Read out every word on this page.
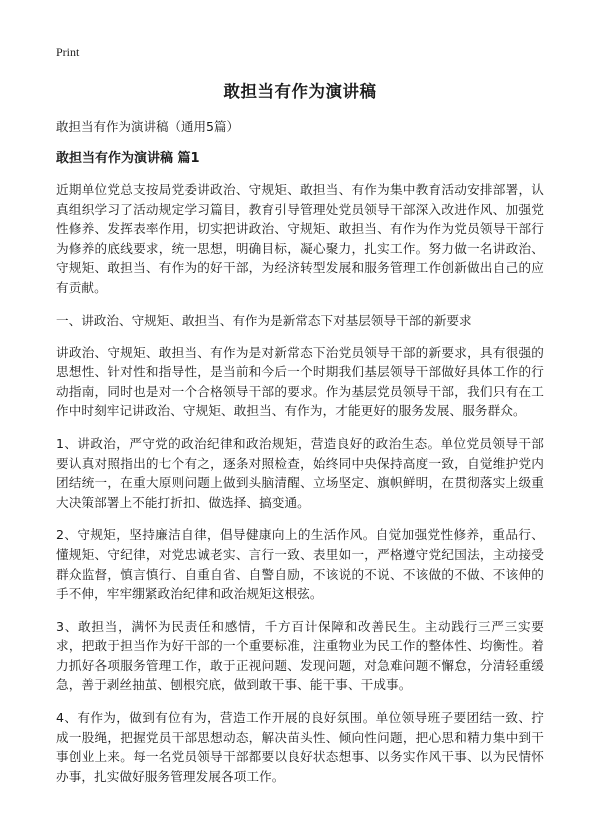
Print
敢担当有作为演讲稿
敢担当有作为演讲稿（通用5篇）
敢担当有作为演讲稿 篇1

近期单位党总支按局党委讲政治、守规矩、敢担当、有作为集中教育活动安排部署，认真组织学习了活动规定学习篇目，教育引导管理处党员领导干部深入改进作风、加强党性修养、发挥表率作用，切实把讲政治、守规矩、敢担当、有作为作为党员领导干部行为修养的底线要求，统一思想，明确目标，凝心聚力，扎实工作。努力做一名讲政治、守规矩、敢担当、有作为的好干部，为经济转型发展和服务管理工作创新做出自己的应有贡献。

一、讲政治、守规矩、敢担当、有作为是新常态下对基层领导干部的新要求

讲政治、守规矩、敢担当、有作为是对新常态下治党员领导干部的新要求，具有很强的思想性、针对性和指导性，是当前和今后一个时期我们基层领导干部做好具体工作的行动指南，同时也是对一个合格领导干部的要求。作为基层党员领导干部，我们只有在工作中时刻牢记讲政治、守规矩、敢担当、有作为，才能更好的服务发展、服务群众。

1、讲政治，严守党的政治纪律和政治规矩，营造良好的政治生态。单位党员领导干部要认真对照指出的七个有之，逐条对照检查，始终同中央保持高度一致，自觉维护党内团结统一，在重大原则问题上做到头脑清醒、立场坚定、旗帜鲜明，在贯彻落实上级重大决策部署上不能打折扣、做选择、搞变通。

2、守规矩，坚持廉洁自律，倡导健康向上的生活作风。自觉加强党性修养，重品行、懂规矩、守纪律，对党忠诚老实、言行一致、表里如一，严格遵守党纪国法，主动接受群众监督，慎言慎行、自重自省、自警自励，不该说的不说、不该做的不做、不该伸的手不伸，牢牢绷紧政治纪律和政治规矩这根弦。

3、敢担当，满怀为民责任和感情，千方百计保障和改善民生。主动践行三严三实要求，把敢于担当作为好干部的一个重要标准，注重物业为民工作的整体性、均衡性。着力抓好各项服务管理工作，敢于正视问题、发现问题，对急难问题不懈怠，分清轻重缓急，善于剥丝抽茧、刨根究底，做到敢干事、能干事、干成事。

4、有作为，做到有位有为，营造工作开展的良好氛围。单位领导班子要团结一致、拧成一股绳，把握党员干部思想动态，解决苗头性、倾向性问题，把心思和精力集中到干事创业上来。每一名党员领导干部都要以良好状态想事、以务实作风干事、以为民情怀办事，扎实做好服务管理发展各项工作。
